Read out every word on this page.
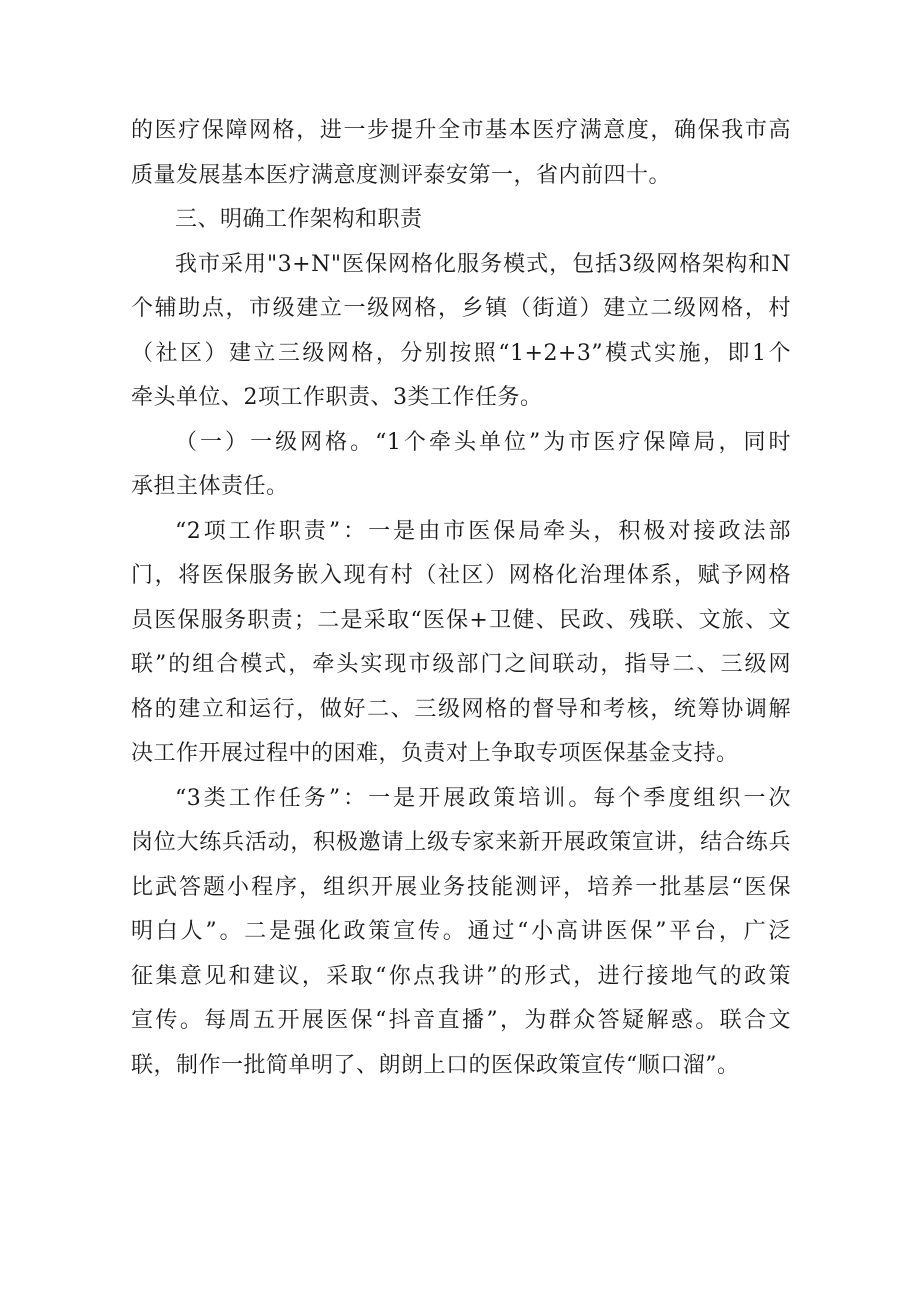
的医疗保障网格，进一步提升全市基本医疗满意度，确保我市高
质量发展基本医疗满意度测评泰安第一，省内前四十。
三、明确工作架构和职责
我市采用"3+N"医保网格化服务模式，包括3级网格架构和N
个辅助点，市级建立一级网格，乡镇（街道）建立二级网格，村
（社区）建立三级网格，分别按照“1+2+3”模式实施，即1个
牵头单位、2项工作职责、3类工作任务。
（一）一级网格。“1个牵头单位”为市医疗保障局，同时
承担主体责任。
“2项工作职责”：一是由市医保局牵头，积极对接政法部
门，将医保服务嵌入现有村（社区）网格化治理体系，赋予网格
员医保服务职责；二是采取“医保+卫健、民政、残联、文旅、文
联”的组合模式，牵头实现市级部门之间联动，指导二、三级网
格的建立和运行，做好二、三级网格的督导和考核，统筹协调解
决工作开展过程中的困难，负责对上争取专项医保基金支持。
“3类工作任务”：一是开展政策培训。每个季度组织一次
岗位大练兵活动，积极邀请上级专家来新开展政策宣讲，结合练兵
比武答题小程序，组织开展业务技能测评，培养一批基层“医保
明白人”。二是强化政策宣传。通过“小高讲医保”平台，广泛
征集意见和建议，采取“你点我讲”的形式，进行接地气的政策
宣传。每周五开展医保“抖音直播”，为群众答疑解惑。联合文
联，制作一批简单明了、朗朗上口的医保政策宣传“顺口溜”。
